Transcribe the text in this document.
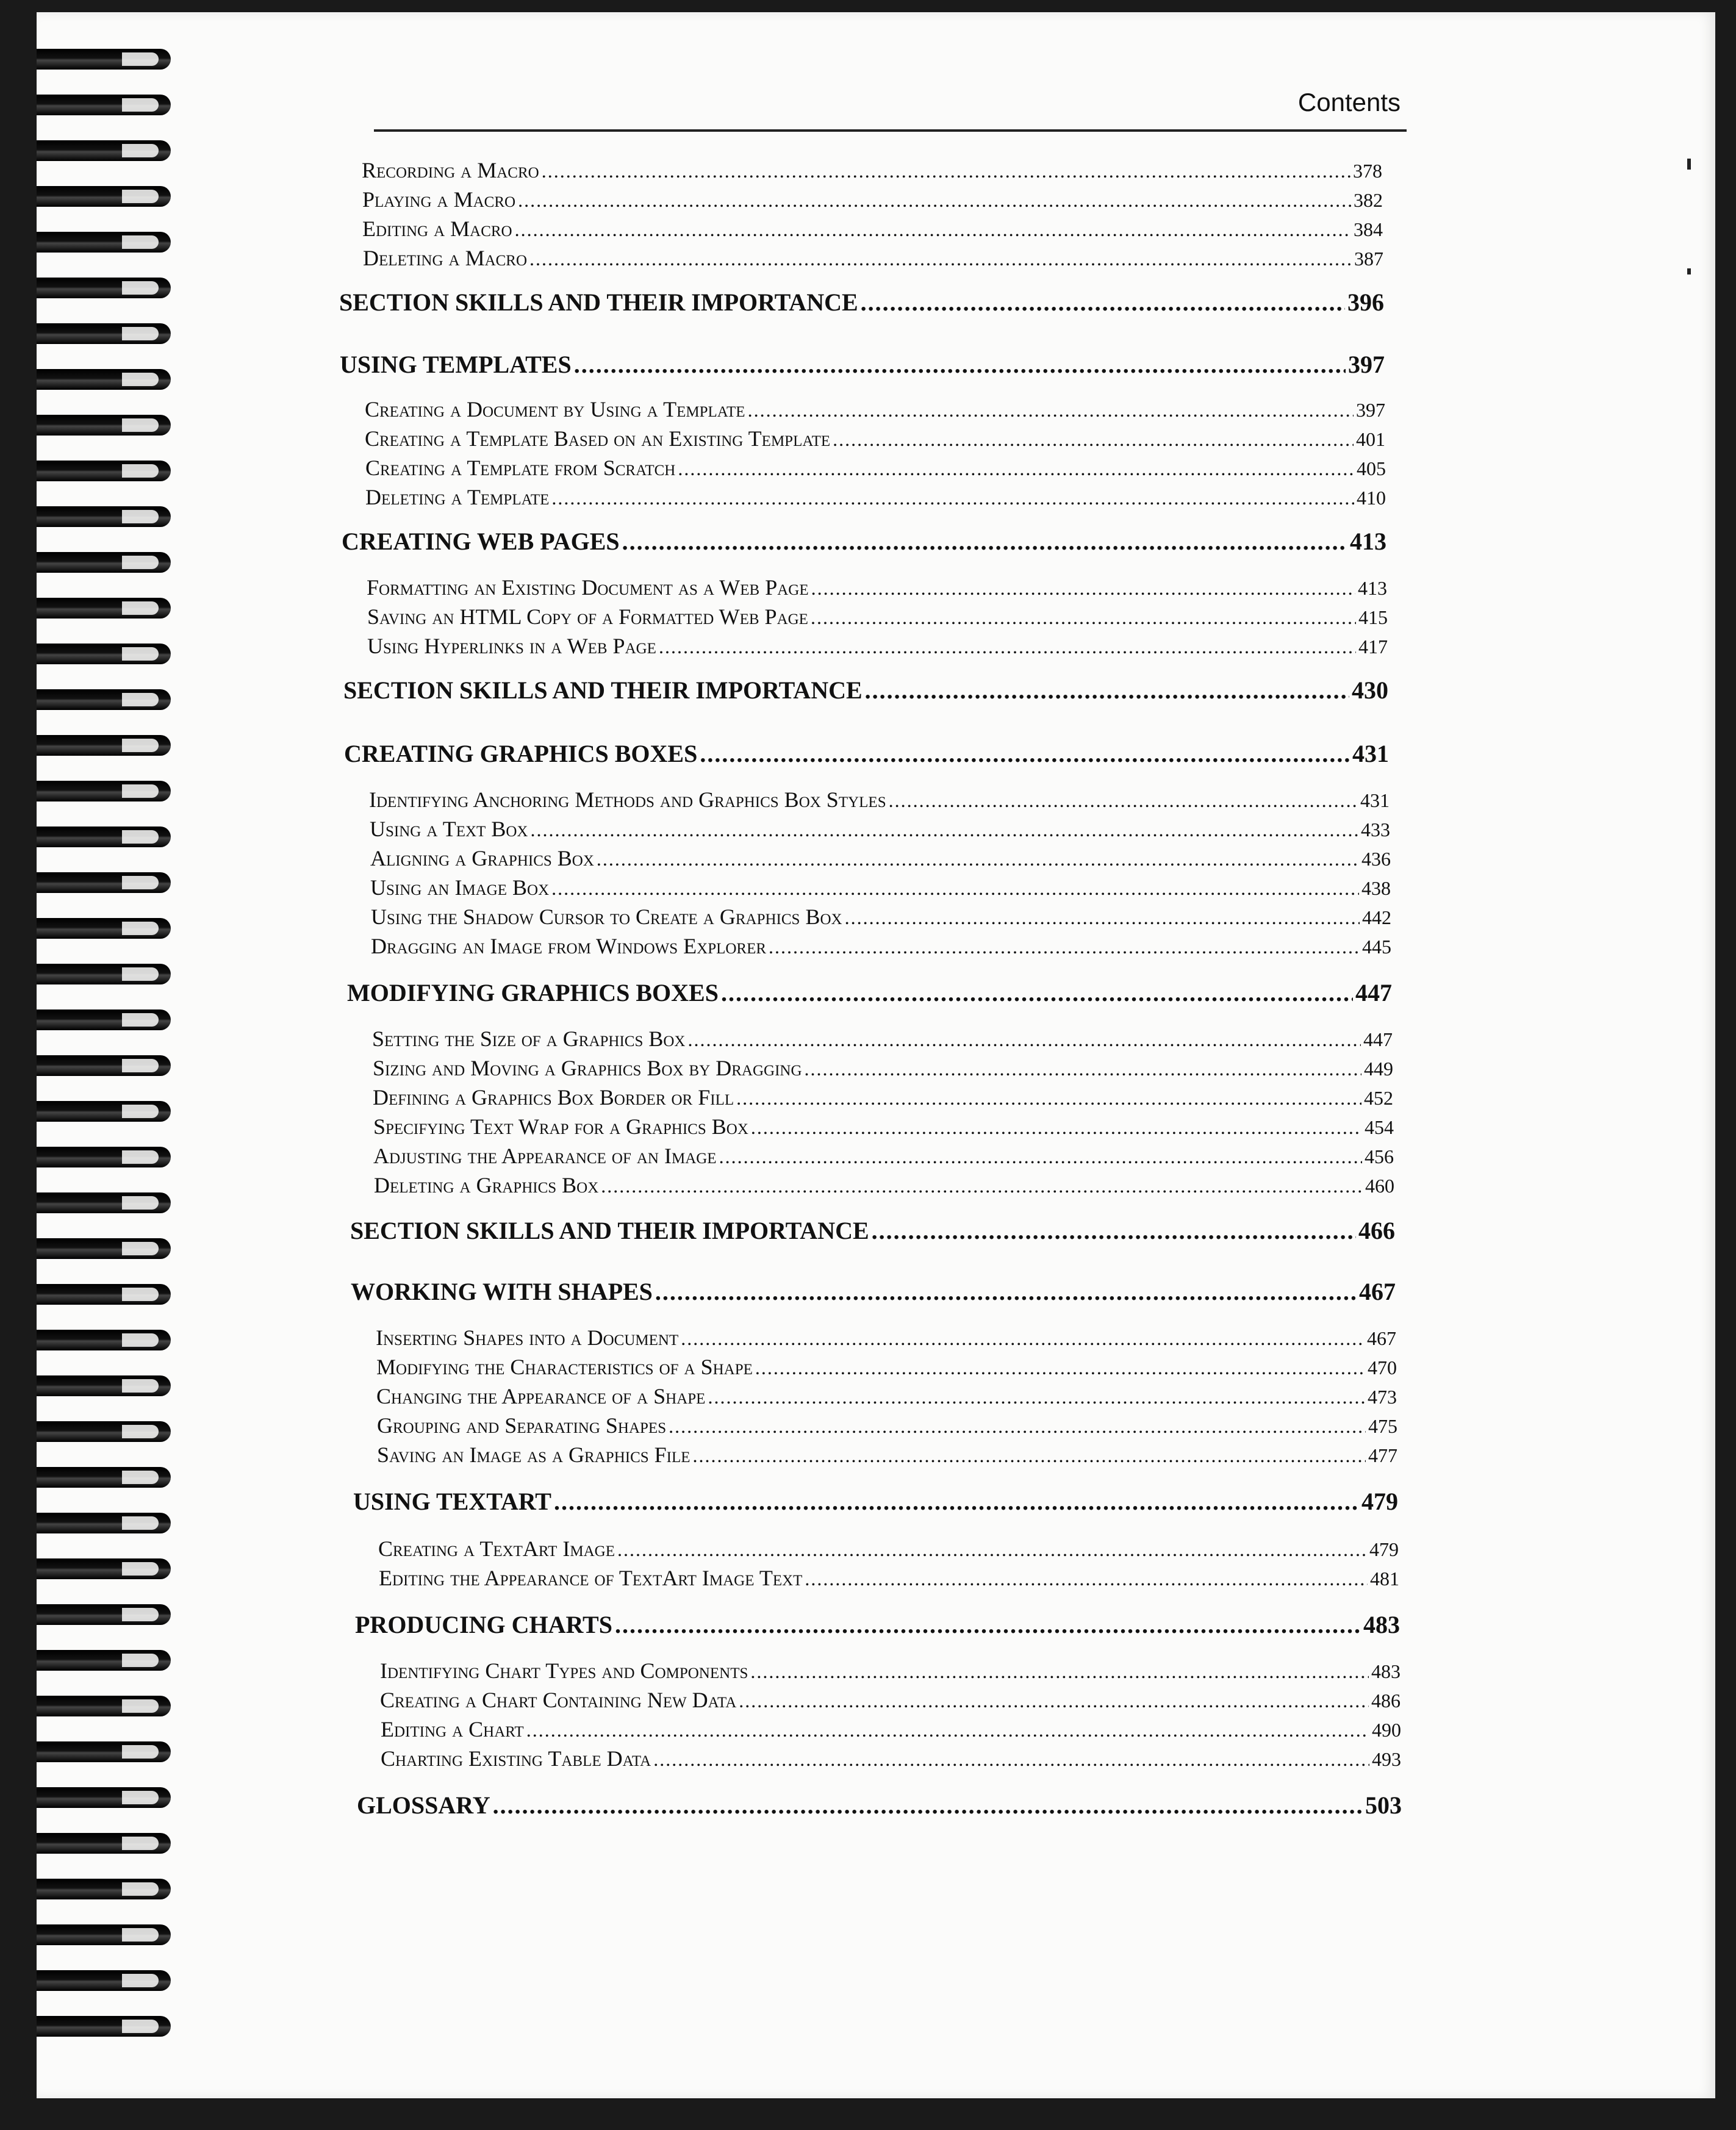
Contents
Recording a Macro .....	378
Playing a Macro .....	382
Editing a Macro .....	384
Deleting a Macro .....	387
SECTION SKILLS AND THEIR IMPORTANCE .....	396
USING TEMPLATES .....	397
Creating a Document by Using a Template .....	397
Creating a Template Based on an Existing Template .....	401
Creating a Template from Scratch .....	405
Deleting a Template .....	410
CREATING WEB PAGES .....	413
Formatting an Existing Document as a Web Page .....	413
Saving an HTML Copy of a Formatted Web Page .....	415
Using Hyperlinks in a Web Page .....	417
SECTION SKILLS AND THEIR IMPORTANCE .....	430
CREATING GRAPHICS BOXES .....	431
Identifying Anchoring Methods and Graphics Box Styles .....	431
Using a Text Box .....	433
Aligning a Graphics Box .....	436
Using an Image Box .....	438
Using the Shadow Cursor to Create a Graphics Box .....	442
Dragging an Image from Windows Explorer .....	445
MODIFYING GRAPHICS BOXES .....	447
Setting the Size of a Graphics Box .....	447
Sizing and Moving a Graphics Box by Dragging .....	449
Defining a Graphics Box Border or Fill .....	452
Specifying Text Wrap for a Graphics Box .....	454
Adjusting the Appearance of an Image .....	456
Deleting a Graphics Box .....	460
SECTION SKILLS AND THEIR IMPORTANCE .....	466
WORKING WITH SHAPES .....	467
Inserting Shapes into a Document .....	467
Modifying the Characteristics of a Shape .....	470
Changing the Appearance of a Shape .....	473
Grouping and Separating Shapes .....	475
Saving an Image as a Graphics File .....	477
USING TEXTART .....	479
Creating a TextArt Image .....	479
Editing the Appearance of TextArt Image Text .....	481
PRODUCING CHARTS .....	483
Identifying Chart Types and Components .....	483
Creating a Chart Containing New Data .....	486
Editing a Chart .....	490
Charting Existing Table Data .....	493
GLOSSARY .....	503
